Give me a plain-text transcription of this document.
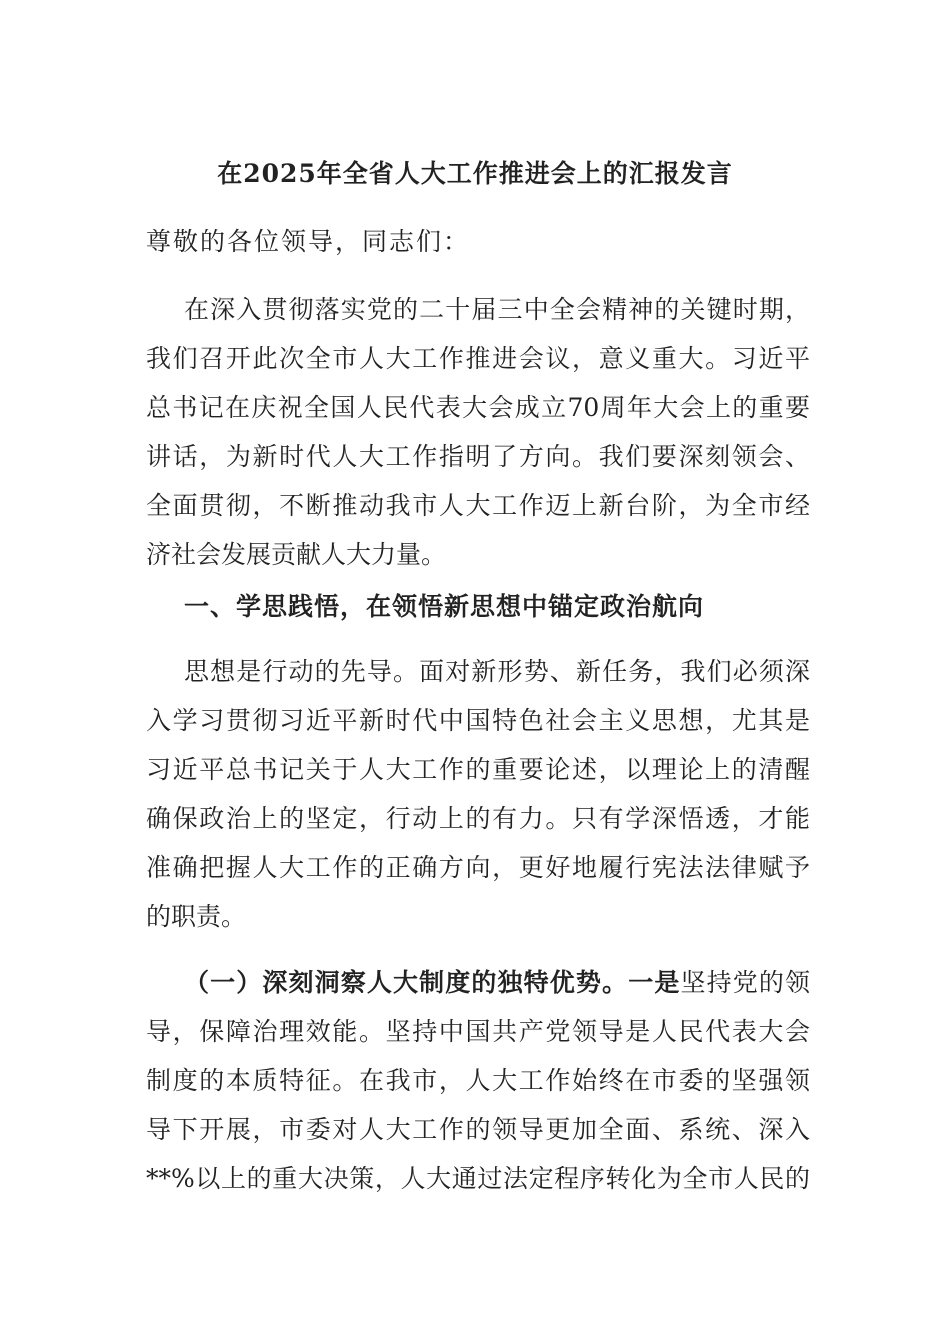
在2025年全省人大工作推进会上的汇报发言
尊敬的各位领导，同志们：
在深入贯彻落实党的二十届三中全会精神的关键时期，
我们召开此次全市人大工作推进会议，意义重大。习近平
总书记在庆祝全国人民代表大会成立70周年大会上的重要
讲话，为新时代人大工作指明了方向。我们要深刻领会、
全面贯彻，不断推动我市人大工作迈上新台阶，为全市经
济社会发展贡献人大力量。
一、学思践悟，在领悟新思想中锚定政治航向
思想是行动的先导。面对新形势、新任务，我们必须深
入学习贯彻习近平新时代中国特色社会主义思想，尤其是
习近平总书记关于人大工作的重要论述，以理论上的清醒
确保政治上的坚定，行动上的有力。只有学深悟透，才能
准确把握人大工作的正确方向，更好地履行宪法法律赋予
的职责。
（一）深刻洞察人大制度的独特优势。一是坚持党的领
导，保障治理效能。坚持中国共产党领导是人民代表大会
制度的本质特征。在我市，人大工作始终在市委的坚强领
导下开展，市委对人大工作的领导更加全面、系统、深入
**%以上的重大决策，人大通过法定程序转化为全市人民的
